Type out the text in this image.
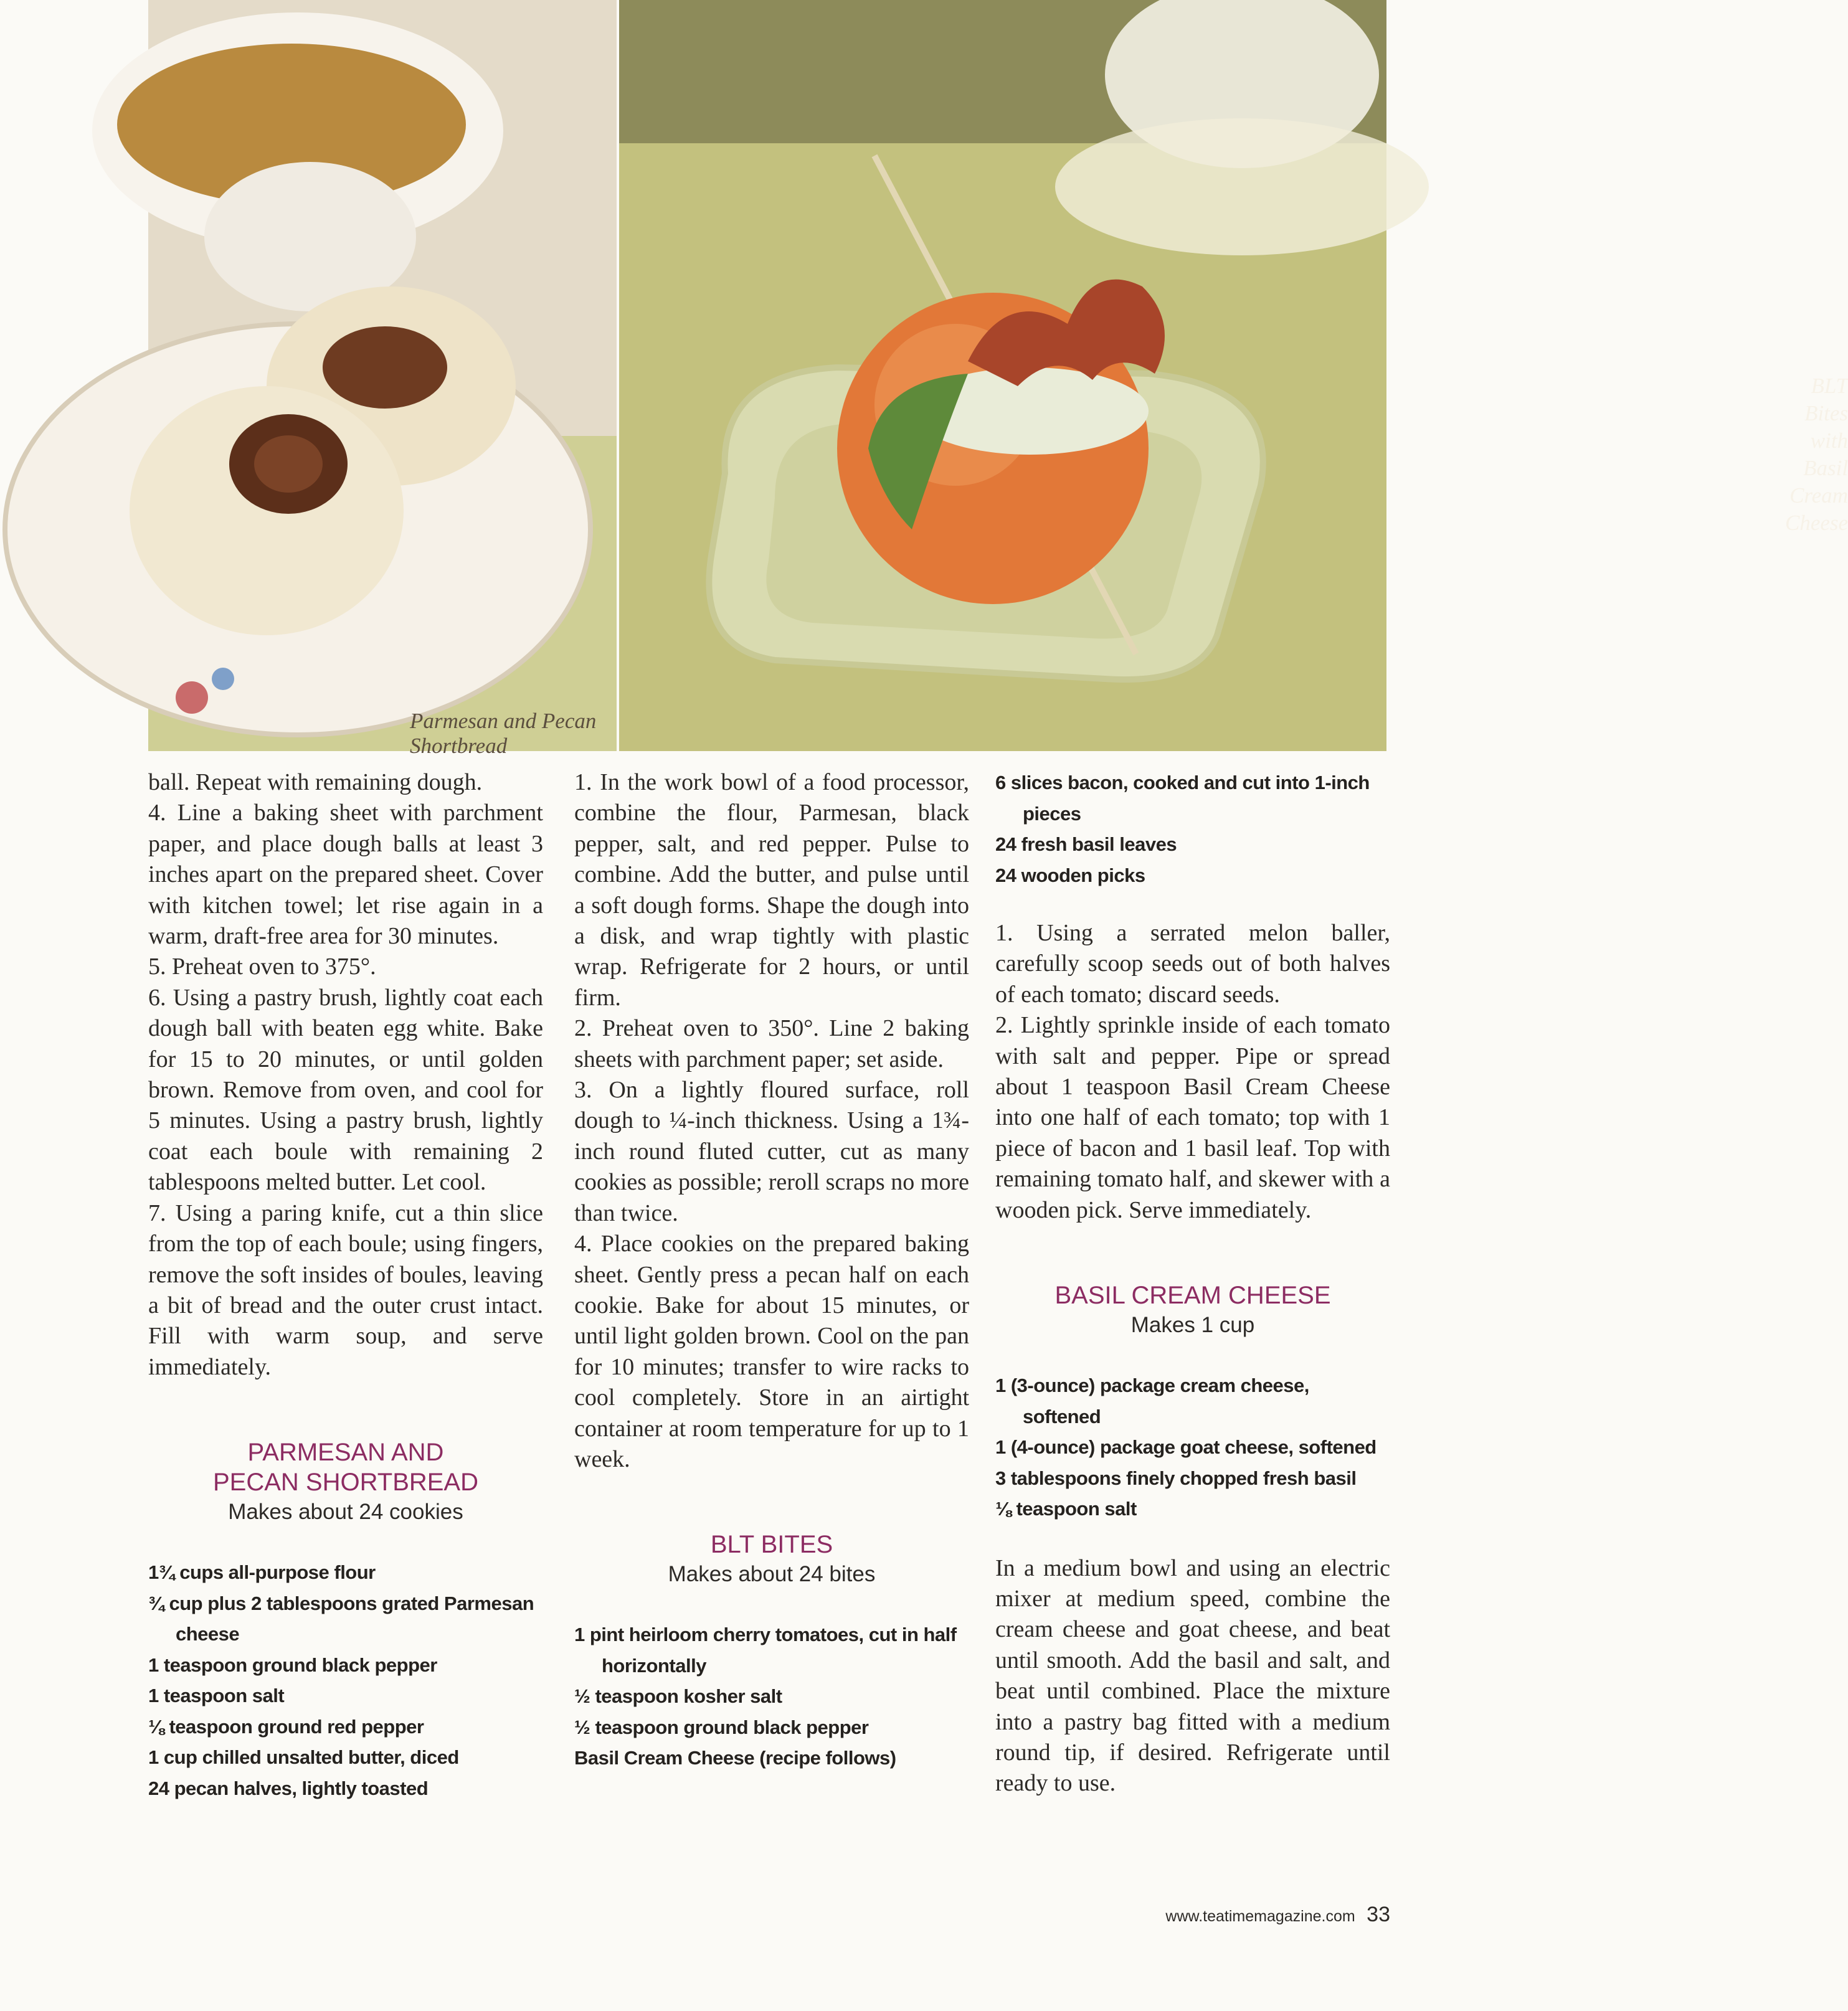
Parmesan and Pecan Shortbread
BLT Bites with
Basil Cream Cheese

ball. Repeat with remaining dough.

4. Line a baking sheet with parchment paper, and place dough balls at least 3 inches apart on the prepared sheet. Cover with kitchen towel; let rise again in a warm, draft-free area for 30 minutes.

5. Preheat oven to 375°.

6. Using a pastry brush, lightly coat each dough ball with beaten egg white. Bake for 15 to 20 minutes, or until golden brown. Remove from oven, and cool for 5 minutes. Using a pastry brush, lightly coat each boule with remaining 2 tablespoons melted butter. Let cool.

7. Using a paring knife, cut a thin slice from the top of each boule; using fingers, remove the soft insides of boules, leaving a bit of bread and the outer crust intact. Fill with warm soup, and serve immediately.

PARMESAN AND
PECAN SHORTBREAD
Makes about 24 cookies
1¾ cups all-purpose flour
¾ cup plus 2 tablespoons grated Parmesan cheese
1 teaspoon ground black pepper
1 teaspoon salt
⅛ teaspoon ground red pepper
1 cup chilled unsalted butter, diced
24 pecan halves, lightly toasted

1. In the work bowl of a food processor, combine the flour, Parmesan, black pepper, salt, and red pepper. Pulse to combine. Add the butter, and pulse until a soft dough forms. Shape the dough into a disk, and wrap tightly with plastic wrap. Refrigerate for 2 hours, or until firm.

2. Preheat oven to 350°. Line 2 baking sheets with parchment paper; set aside.

3. On a lightly floured surface, roll dough to ¼-inch thickness. Using a 1¾-inch round fluted cutter, cut as many cookies as possible; reroll scraps no more than twice.

4. Place cookies on the prepared baking sheet. Gently press a pecan half on each cookie. Bake for about 15 minutes, or until light golden brown. Cool on the pan for 10 minutes; transfer to wire racks to cool completely. Store in an airtight container at room temperature for up to 1 week.

BLT BITES
Makes about 24 bites
1 pint heirloom cherry tomatoes, cut in half horizontally
½ teaspoon kosher salt
½ teaspoon ground black pepper
Basil Cream Cheese (recipe follows)
6 slices bacon, cooked and cut into 1-inch pieces
24 fresh basil leaves
24 wooden picks

1. Using a serrated melon baller, carefully scoop seeds out of both halves of each tomato; discard seeds.

2. Lightly sprinkle inside of each tomato with salt and pepper. Pipe or spread about 1 teaspoon Basil Cream Cheese into one half of each tomato; top with 1 piece of bacon and 1 basil leaf. Top with remaining tomato half, and skewer with a wooden pick. Serve immediately.

BASIL CREAM CHEESE
Makes 1 cup
1 (3-ounce) package cream cheese, softened
1 (4-ounce) package goat cheese, softened
3 tablespoons finely chopped fresh basil
⅛ teaspoon salt

In a medium bowl and using an electric mixer at medium speed, combine the cream cheese and goat cheese, and beat until smooth. Add the basil and salt, and beat until combined. Place the mixture into a pastry bag fitted with a medium round tip, if desired. Refrigerate until ready to use.

www.teatimemagazine.com 33
